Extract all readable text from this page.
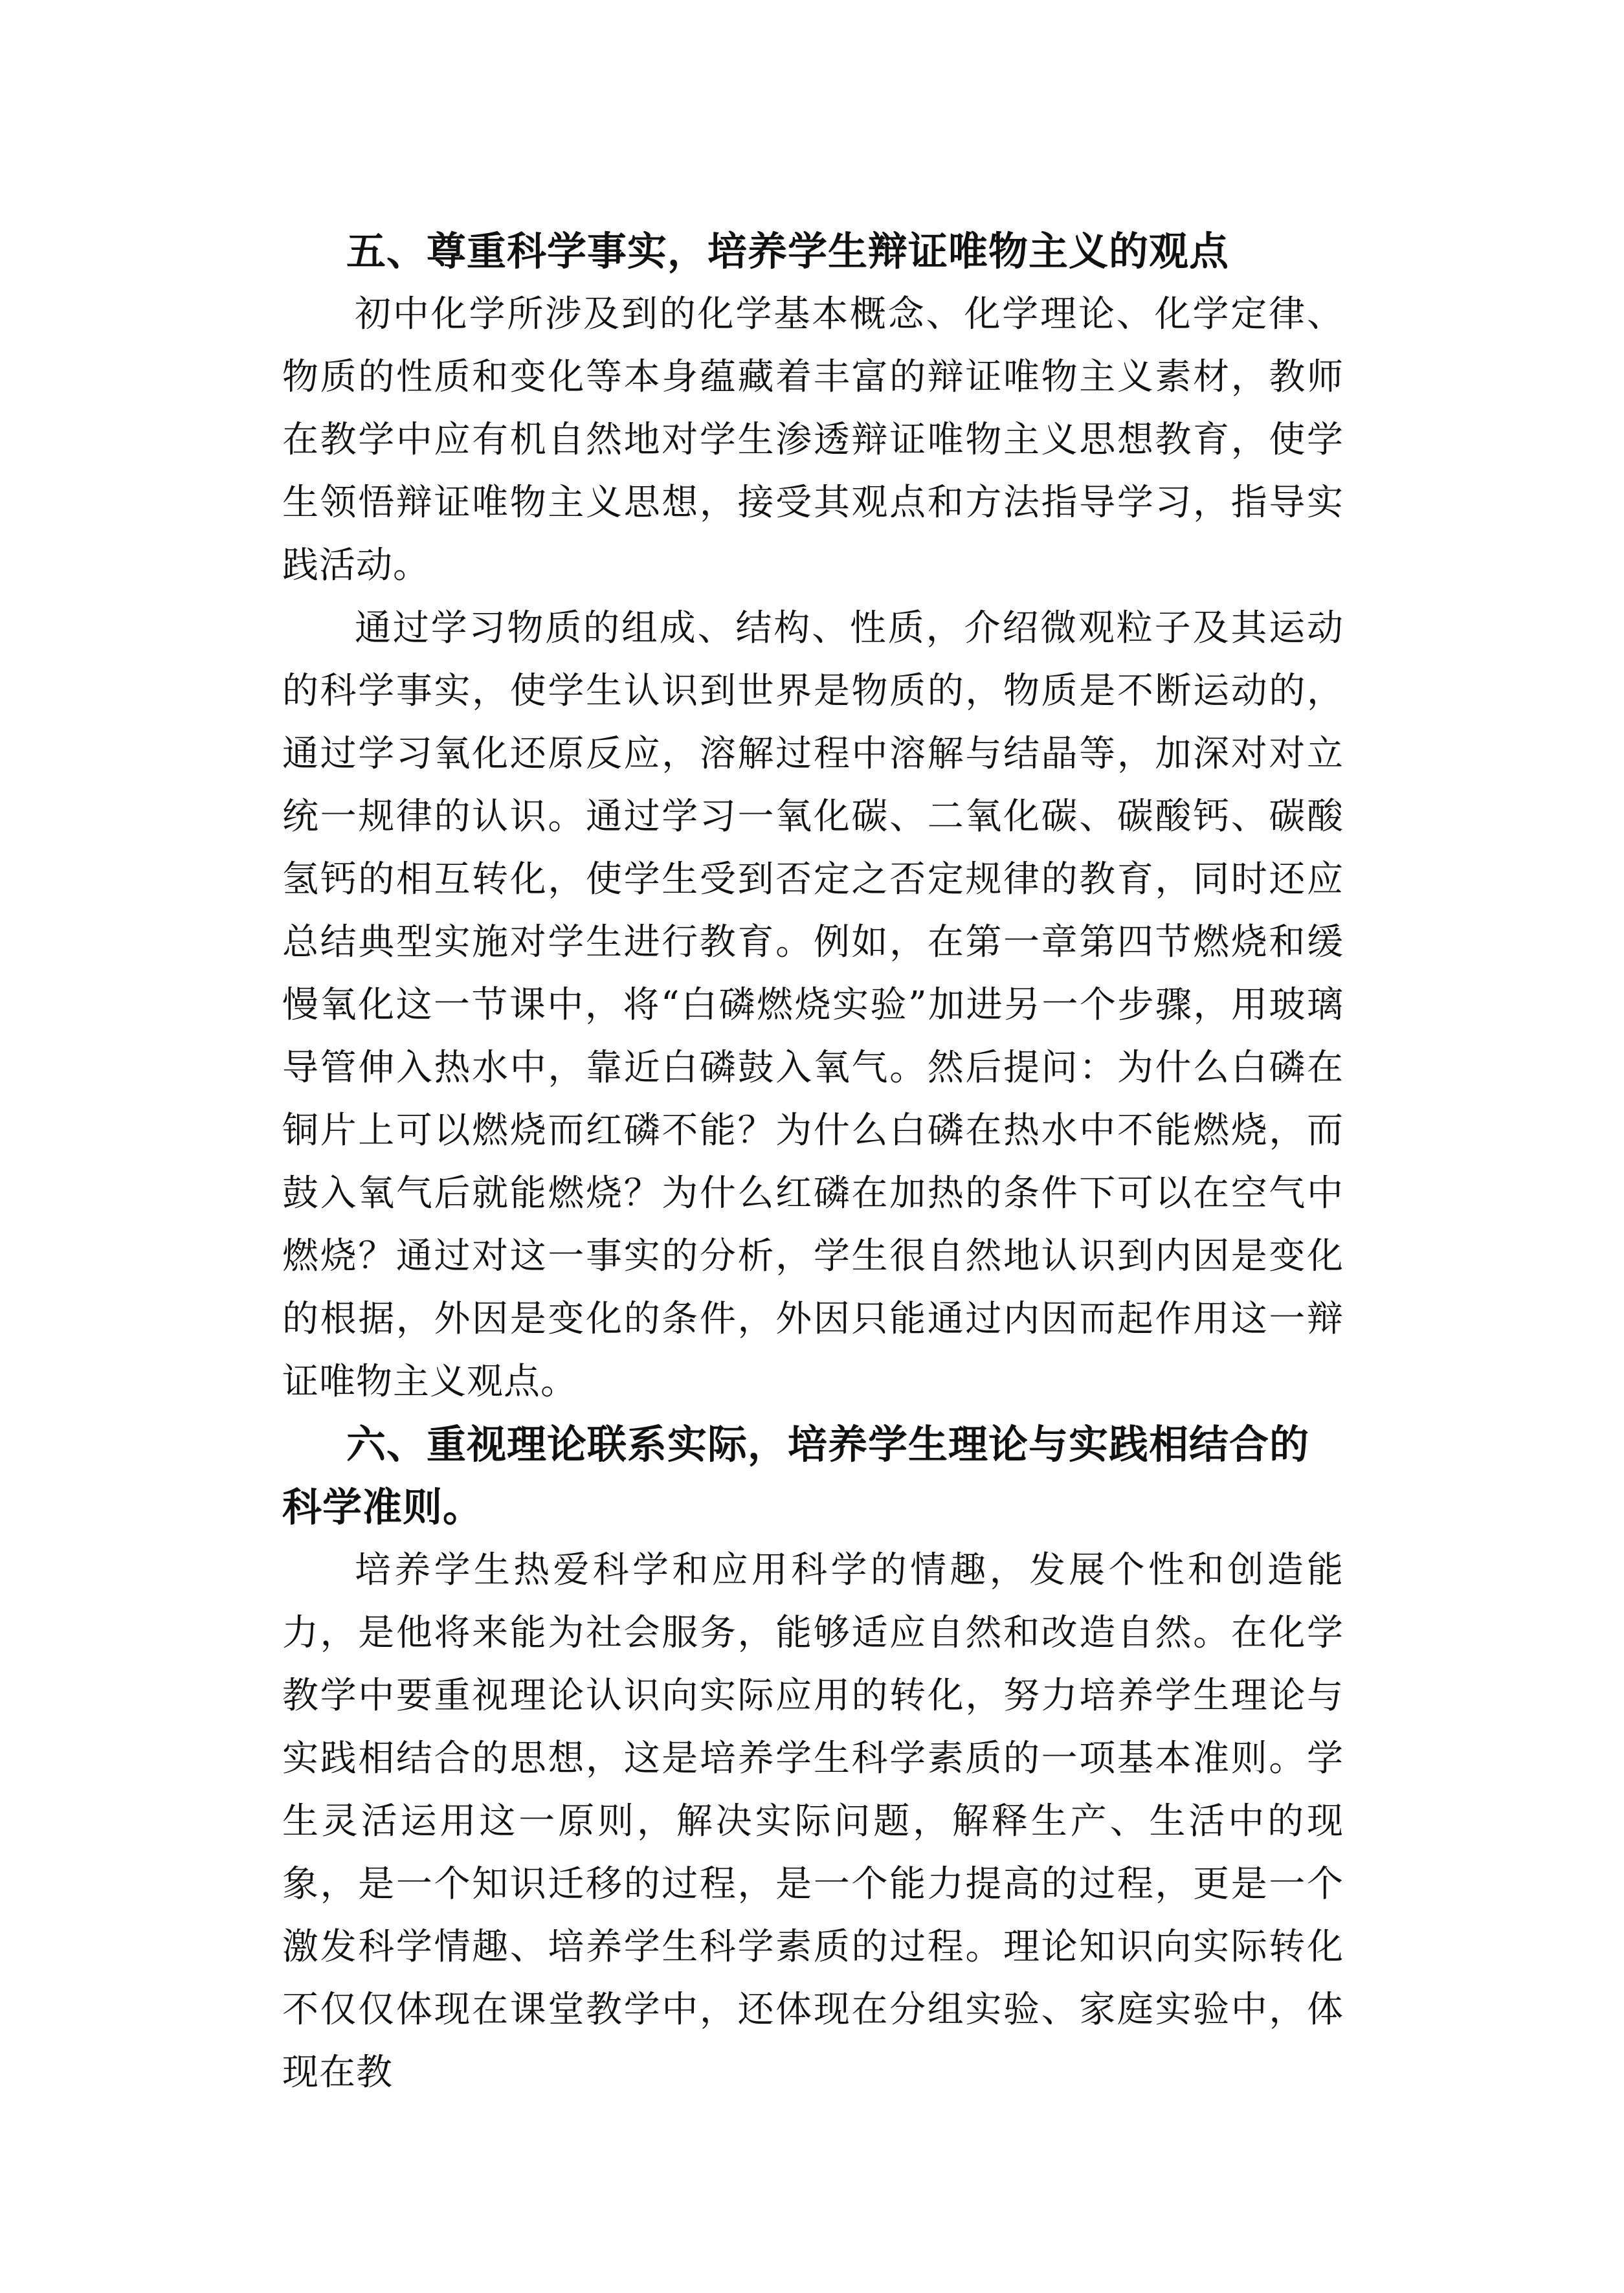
五、尊重科学事实，培养学生辩证唯物主义的观点

初中化学所涉及到的化学基本概念、化学理论、化学定律、物质的性质和变化等本身蕴藏着丰富的辩证唯物主义素材，教师在教学中应有机自然地对学生渗透辩证唯物主义思想教育，使学生领悟辩证唯物主义思想，接受其观点和方法指导学习，指导实践活动。

通过学习物质的组成、结构、性质，介绍微观粒子及其运动的科学事实，使学生认识到世界是物质的，物质是不断运动的，通过学习氧化还原反应，溶解过程中溶解与结晶等，加深对对立统一规律的认识。通过学习一氧化碳、二氧化碳、碳酸钙、碳酸氢钙的相互转化，使学生受到否定之否定规律的教育，同时还应总结典型实施对学生进行教育。例如，在第一章第四节燃烧和缓慢氧化这一节课中，将“白磷燃烧实验”加进另一个步骤，用玻璃导管伸入热水中，靠近白磷鼓入氧气。然后提问：为什么白磷在铜片上可以燃烧而红磷不能？为什么白磷在热水中不能燃烧，而鼓入氧气后就能燃烧？为什么红磷在加热的条件下可以在空气中燃烧？通过对这一事实的分析，学生很自然地认识到内因是变化的根据，外因是变化的条件，外因只能通过内因而起作用这一辩证唯物主义观点。

六、重视理论联系实际，培养学生理论与实践相结合的科学准则。

培养学生热爱科学和应用科学的情趣，发展个性和创造能力，是他将来能为社会服务，能够适应自然和改造自然。在化学教学中要重视理论认识向实际应用的转化，努力培养学生理论与实践相结合的思想，这是培养学生科学素质的一项基本准则。学生灵活运用这一原则，解决实际问题，解释生产、生活中的现象，是一个知识迁移的过程，是一个能力提高的过程，更是一个激发科学情趣、培养学生科学素质的过程。理论知识向实际转化不仅仅体现在课堂教学中，还体现在分组实验、家庭实验中，体现在教
